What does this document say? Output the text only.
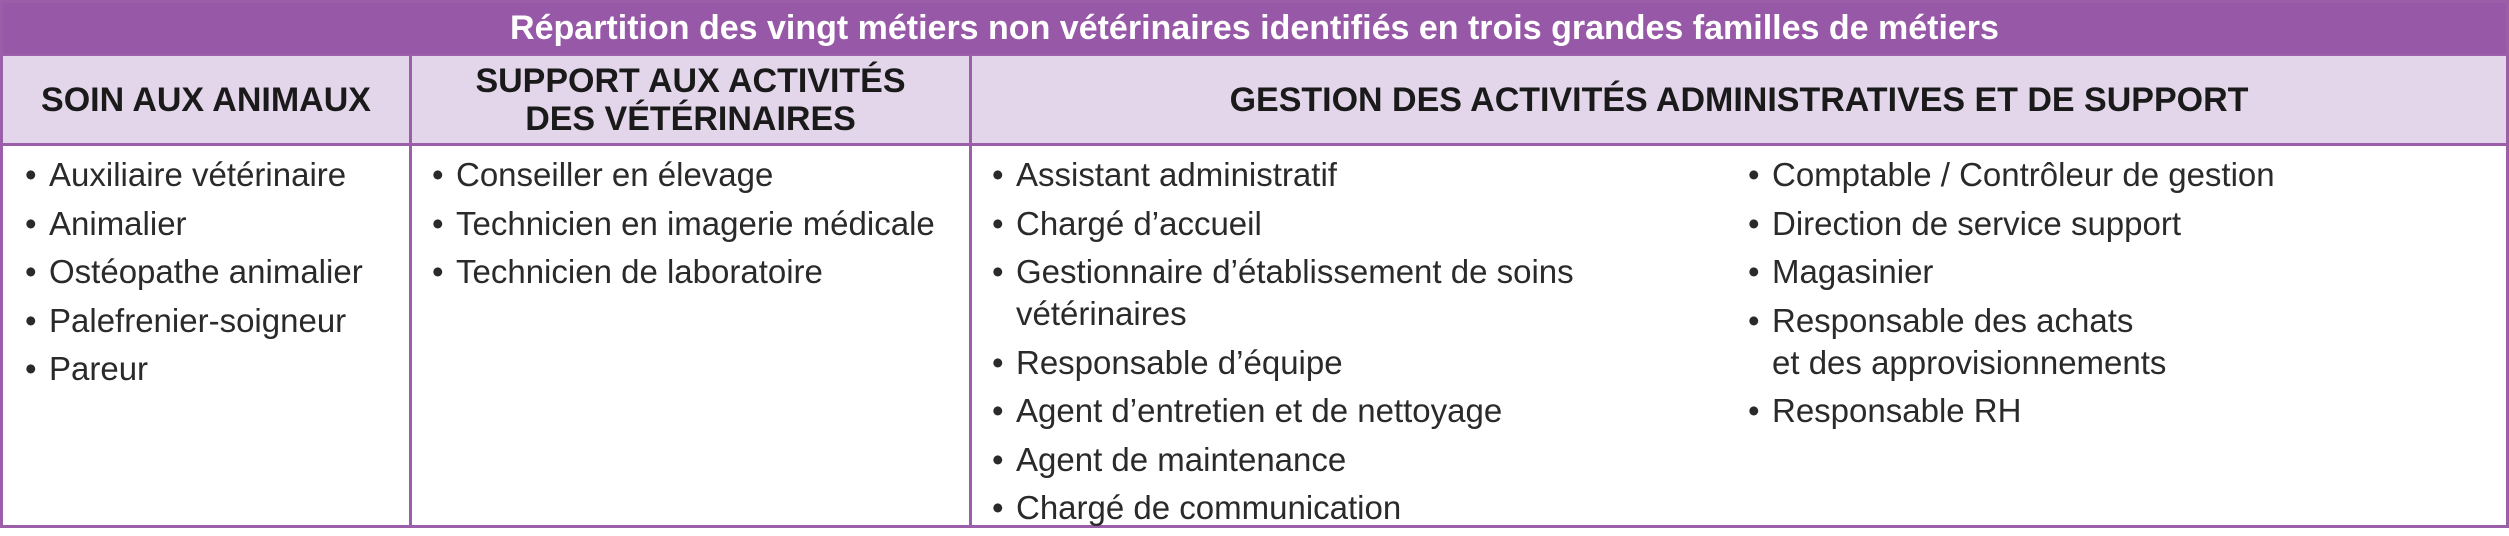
Répartition des vingt métiers non vétérinaires identifiés en trois grandes familles de métiers
SOIN AUX ANIMAUX	SUPPORT AUX ACTIVITÉS
DES VÉTÉRINAIRES	GESTION DES ACTIVITÉS ADMINISTRATIVES ET DE SUPPORT
• Auxiliaire vétérinaire
• Animalier
• Ostéopathe animalier
• Palefrenier-soigneur
• Pareur
• Conseiller en élevage
• Technicien en imagerie médicale
• Technicien de laboratoire
• Assistant administratif
• Chargé d’accueil
• Gestionnaire d’établissement de soins
vétérinaires
• Responsable d’équipe
• Agent d’entretien et de nettoyage
• Agent de maintenance
• Chargé de communication
• Comptable / Contrôleur de gestion
• Direction de service support
• Magasinier
• Responsable des achats
et des approvisionnements
• Responsable RH
